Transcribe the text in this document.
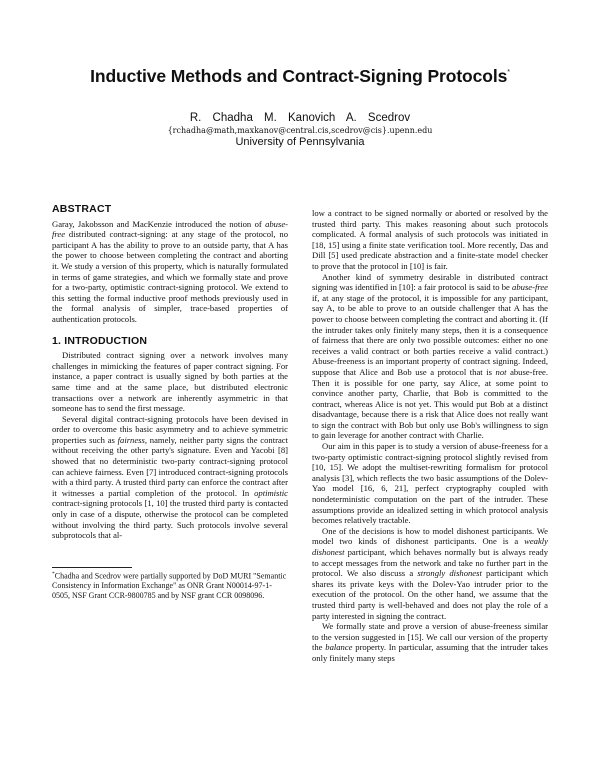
Inductive Methods and Contract-Signing Protocols*
R. Chadha M. Kanovich A. Scedrov
{rchadha@math,maxkanov@central.cis,scedrov@cis}.upenn.edu
University of Pennsylvania
ABSTRACT

Garay, Jakobsson and MacKenzie introduced the notion of abuse-free distributed contract-signing: at any stage of the protocol, no participant A has the ability to prove to an outside party, that A has the power to choose between completing the contract and aborting it. We study a version of this property, which is naturally formulated in terms of game strategies, and which we formally state and prove for a two-party, optimistic contract-signing protocol. We extend to this setting the formal inductive proof methods previously used in the formal analysis of simpler, trace-based properties of authentication protocols.

1. INTRODUCTION

Distributed contract signing over a network involves many challenges in mimicking the features of paper contract signing. For instance, a paper contract is usually signed by both parties at the same time and at the same place, but distributed electronic transactions over a network are inherently asymmetric in that someone has to send the first message.

Several digital contract-signing protocols have been devised in order to overcome this basic asymmetry and to achieve symmetric properties such as fairness, namely, neither party signs the contract without receiving the other party's signature. Even and Yacobi [8] showed that no deterministic two-party contract-signing protocol can achieve fairness. Even [7] introduced contract-signing protocols with a third party. A trusted third party can enforce the contract after it witnesses a partial completion of the protocol. In optimistic contract-signing protocols [1, 10] the trusted third party is contacted only in case of a dispute, otherwise the protocol can be completed without involving the third party. Such protocols involve several subprotocols that al-

*Chadha and Scedrov were partially supported by DoD MURI "Semantic Consistency in Information Exchange" as ONR Grant N00014-97-1-0505, NSF Grant CCR-9800785 and by NSF grant CCR 0098096.

low a contract to be signed normally or aborted or resolved by the trusted third party. This makes reasoning about such protocols complicated. A formal analysis of such protocols was initiated in [18, 15] using a finite state verification tool. More recently, Das and Dill [5] used predicate abstraction and a finite-state model checker to prove that the protocol in [10] is fair.

Another kind of symmetry desirable in distributed contract signing was identified in [10]: a fair protocol is said to be abuse-free if, at any stage of the protocol, it is impossible for any participant, say A, to be able to prove to an outside challenger that A has the power to choose between completing the contract and aborting it. (If the intruder takes only finitely many steps, then it is a consequence of fairness that there are only two possible outcomes: either no one receives a valid contract or both parties receive a valid contract.) Abuse-freeness is an important property of contract signing. Indeed, suppose that Alice and Bob use a protocol that is not abuse-free. Then it is possible for one party, say Alice, at some point to convince another party, Charlie, that Bob is committed to the contract, whereas Alice is not yet. This would put Bob at a distinct disadvantage, because there is a risk that Alice does not really want to sign the contract with Bob but only use Bob's willingness to sign to gain leverage for another contract with Charlie.

Our aim in this paper is to study a version of abuse-freeness for a two-party optimistic contract-signing protocol slightly revised from [10, 15]. We adopt the multiset-rewriting formalism for protocol analysis [3], which reflects the two basic assumptions of the Dolev-Yao model [16, 6, 21], perfect cryptography coupled with nondeterministic computation on the part of the intruder. These assumptions provide an idealized setting in which protocol analysis becomes relatively tractable.

One of the decisions is how to model dishonest participants. We model two kinds of dishonest participants. One is a weakly dishonest participant, which behaves normally but is always ready to accept messages from the network and take no further part in the protocol. We also discuss a strongly dishonest participant which shares its private keys with the Dolev-Yao intruder prior to the execution of the protocol. On the other hand, we assume that the trusted third party is well-behaved and does not play the role of a party interested in signing the contract.

We formally state and prove a version of abuse-freeness similar to the version suggested in [15]. We call our version of the property the balance property. In particular, assuming that the intruder takes only finitely many steps
